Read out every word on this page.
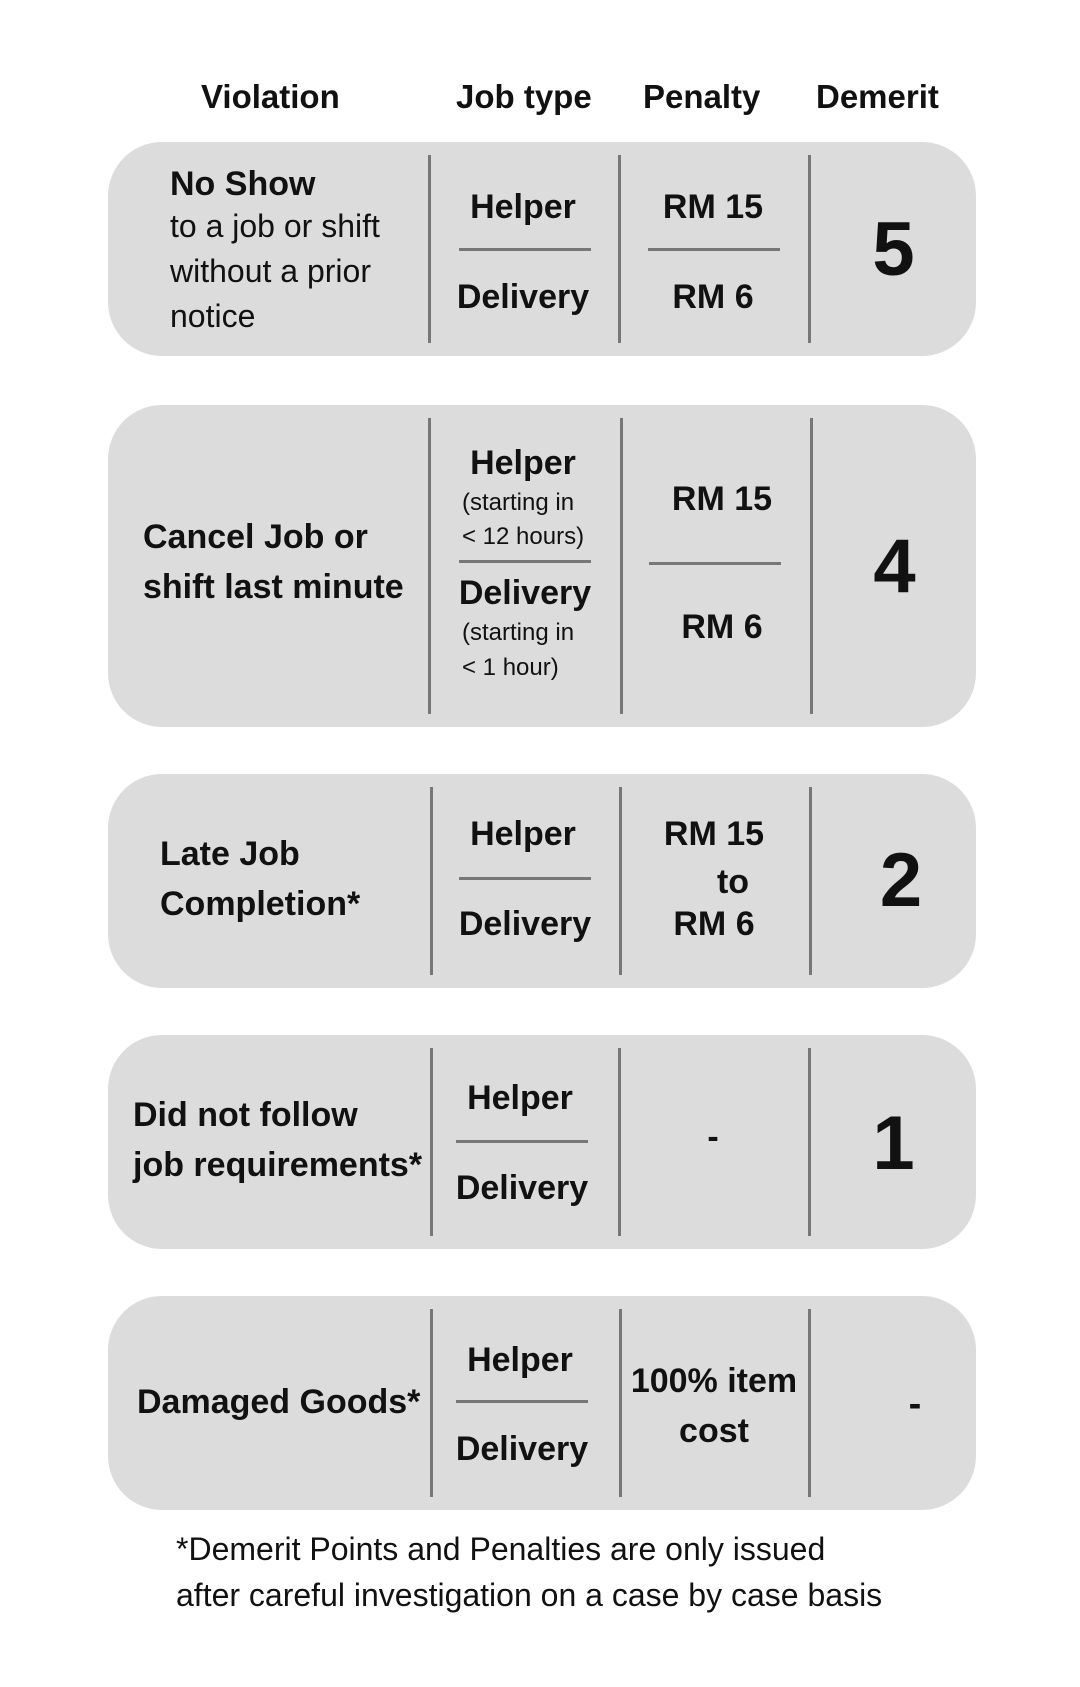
Violation	Job type Penalty Demerit
No Show
to a job or shift
without a prior
notice
Helper
Delivery
RM 15
RM 6
5
Cancel Job or
shift last minute
Helper
(starting in
< 12 hours)
Delivery
(starting in
< 1 hour)
RM 15
RM 6
4
Late Job
Completion*
Helper
Delivery
RM 15
to
RM 6
2
Did not follow
job requirements*
Helper
Delivery
-	1
Damaged Goods*
Helper
Delivery
100% item
cost
-
*Demerit Points and Penalties are only issued
after careful investigation on a case by case basis
